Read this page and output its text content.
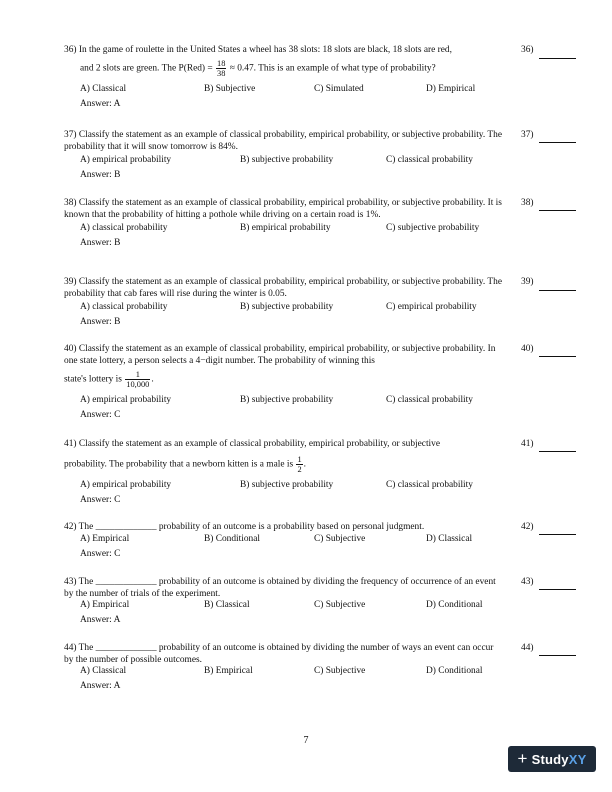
36) In the game of roulette in the United States a wheel has 38 slots: 18 slots are black, 18 slots are red,
and 2 slots are green. The $P(Red) = \frac{18}{38} \approx 0.47$. This is an example of what type of probability?
A) Classical	B) Subjective	C) Simulated	D) Empirical
Answer: A
36)
37) Classify the statement as an example of classical probability, empirical probability, or subjective probability. The probability that it will snow tomorrow is 84%.
A) empirical probability	B) subjective probability	C) classical probability
Answer: B
37)
38) Classify the statement as an example of classical probability, empirical probability, or subjective probability. It is known that the probability of hitting a pothole while driving on a certain road is 1%.
A) classical probability	B) empirical probability	C) subjective probability
Answer: B
38)
39) Classify the statement as an example of classical probability, empirical probability, or subjective probability. The probability that cab fares will rise during the winter is 0.05.
A) classical probability	B) subjective probability	C) empirical probability
Answer: B
39)
40) Classify the statement as an example of classical probability, empirical probability, or subjective probability. In one state lottery, a person selects a 4−digit number. The probability of winning this
state's lottery is $\frac{1}{10,000}$ .
A) empirical probability	B) subjective probability	C) classical probability
Answer: C
40)
41) Classify the statement as an example of classical probability, empirical probability, or subjective
probability. The probability that a newborn kitten is a male is $\frac{1}{2}$ .
A) empirical probability	B) subjective probability	C) classical probability
Answer: C
41)
42) The _____________ probability of an outcome is a probability based on personal judgment.
A) Empirical	B) Conditional	C) Subjective	D) Classical
Answer: C
42)
43) The _____________ probability of an outcome is obtained by dividing the frequency of occurrence of an event by the number of trials of the experiment.
A) Empirical	B) Classical	C) Subjective	D) Conditional
Answer: A
43)
44) The _____________ probability of an outcome is obtained by dividing the number of ways an event can occur by the number of possible outcomes.
A) Classical	B) Empirical	C) Subjective	D) Conditional
Answer: A
44)
7
+ Study XY
